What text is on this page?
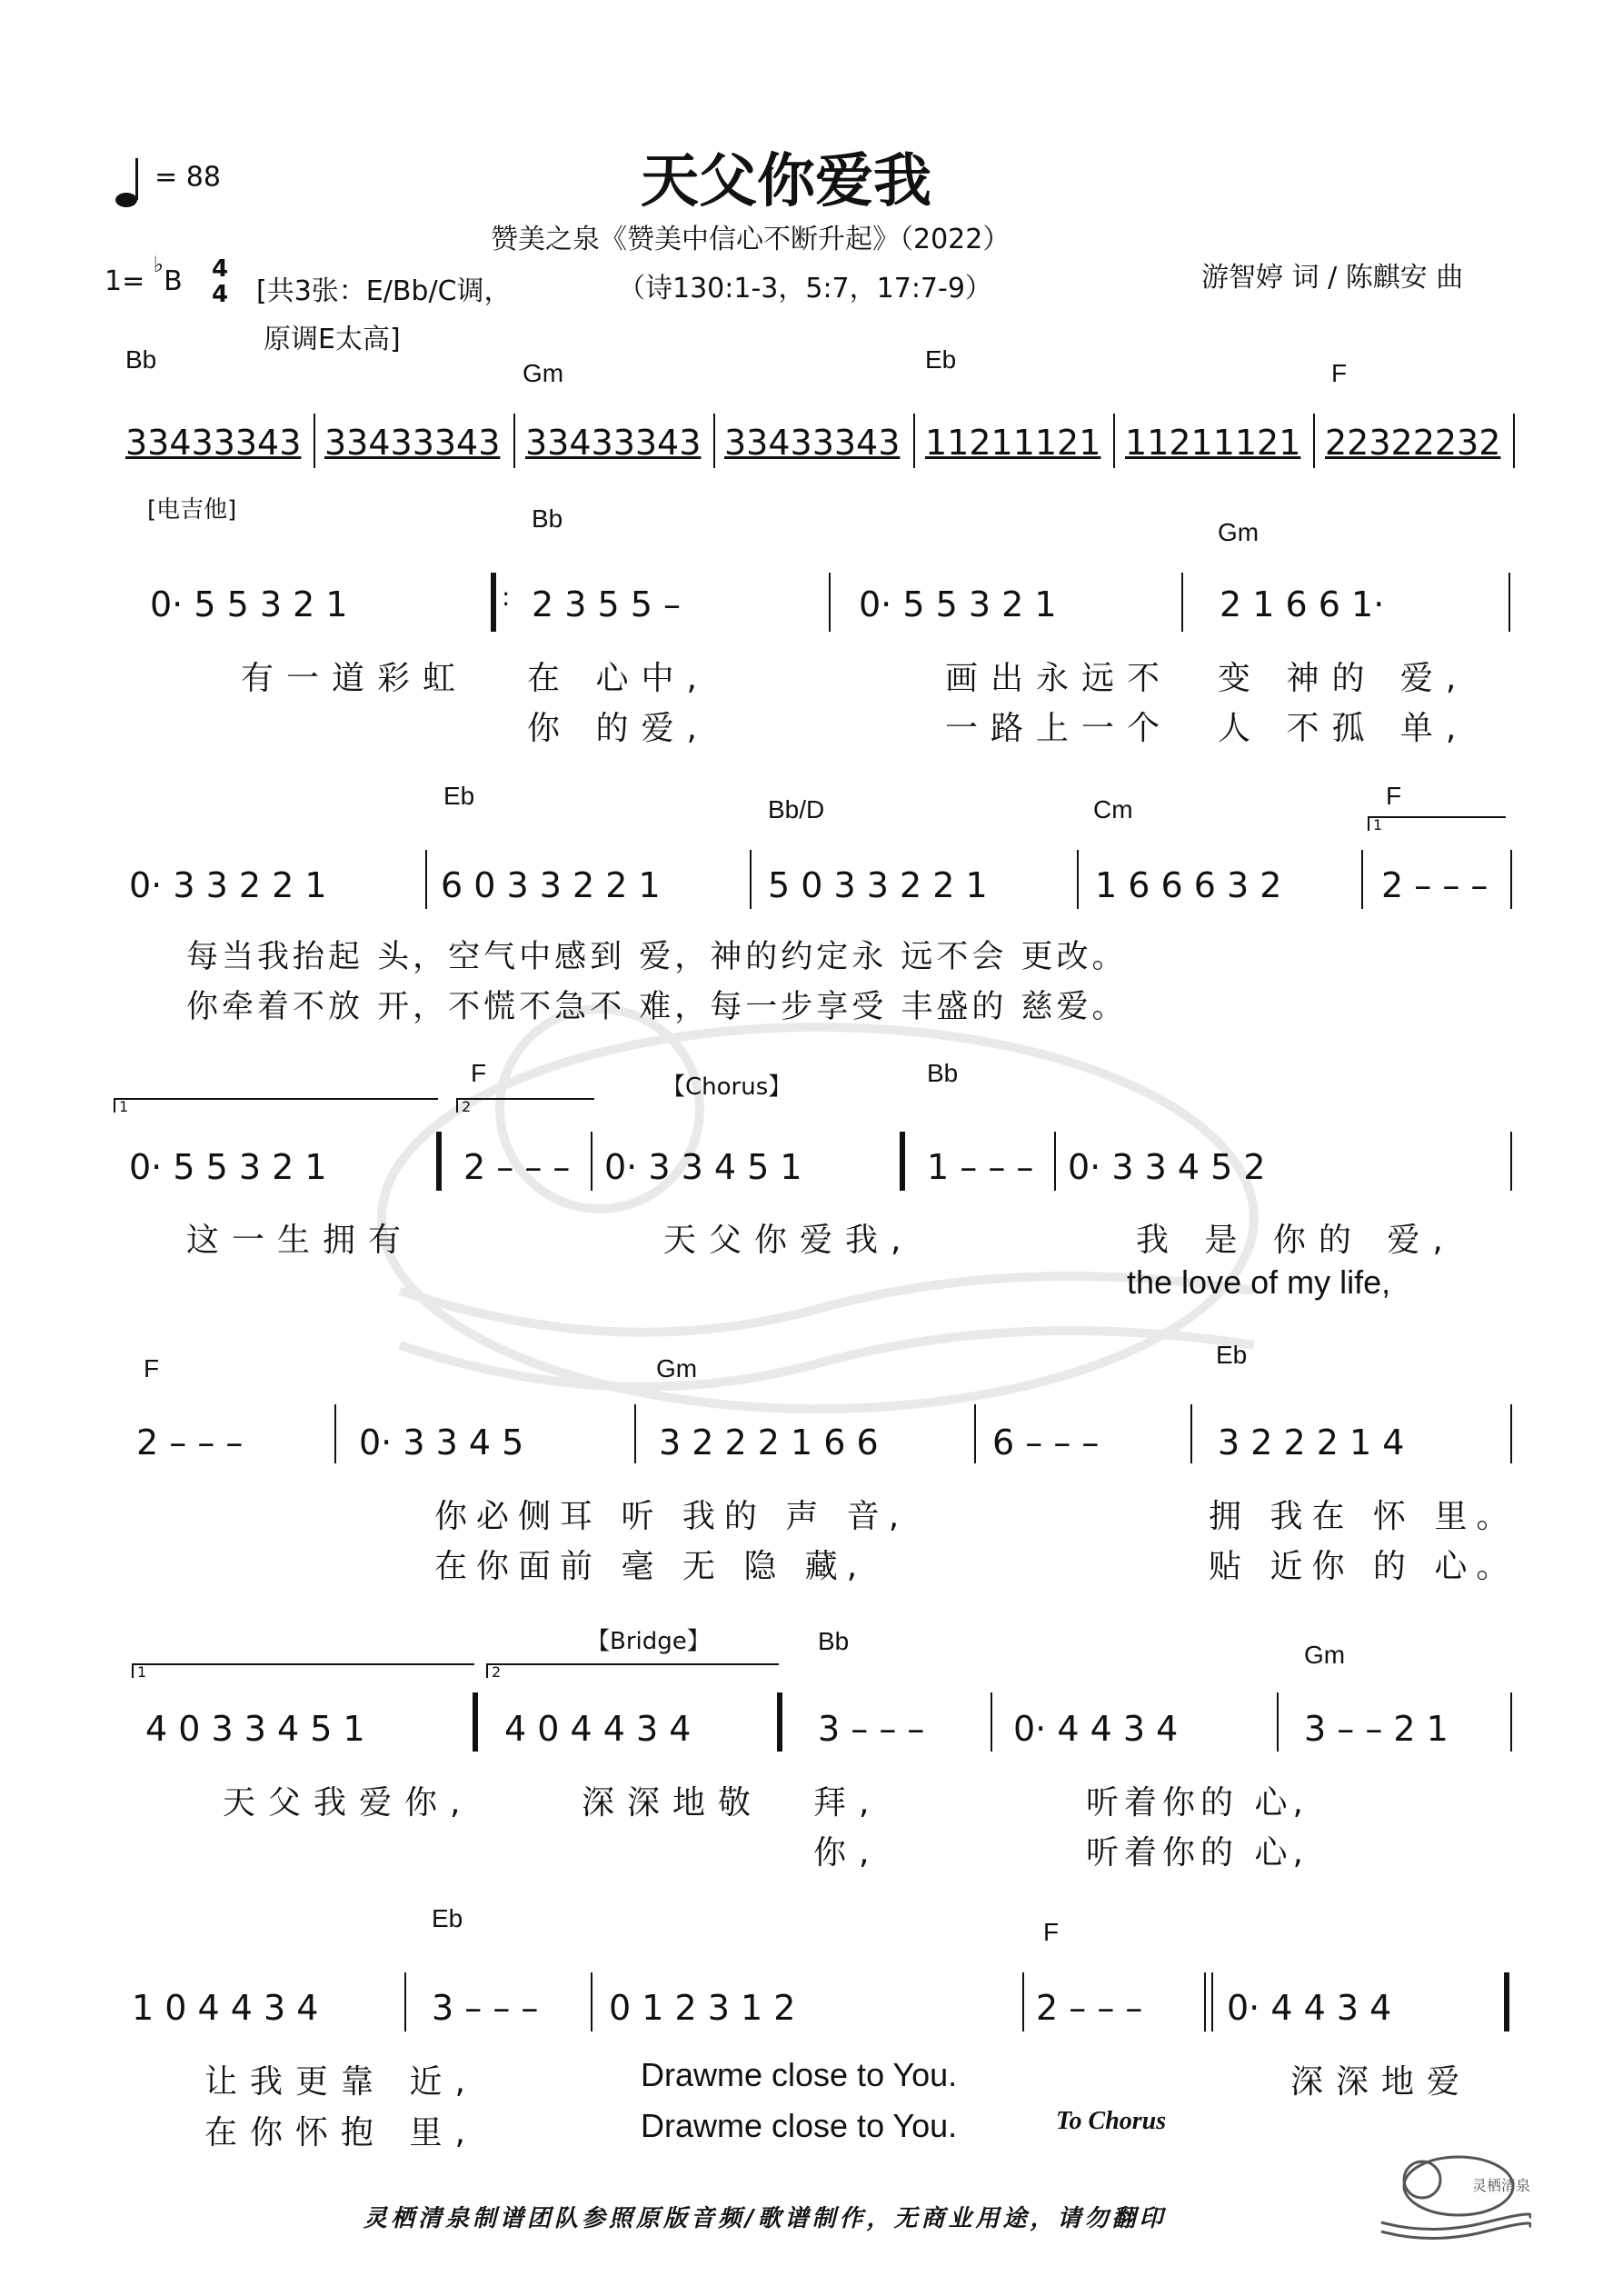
= 88	天父你爱我
赞美之泉《赞美中信心不断升起》（2022）
1= ♭B 4
4 [共3张：E/Bb/C调，
原调E太高]
（诗130:1-3，5:7，17:7-9）	游智婷 词 / 陈麒安 曲
Bb	Gm	Eb	F
33433343 33433343 33433343 33433343 11211121 11211121 22322232
[电吉他]	Bb	Gm
0· 5 5 3 2 1	: 2 3 5 5 –	0· 5 5 3 2 1	2 1 6 6 1·
有一道彩虹 在 心中,	画出永远不 变 神的 爱,
你 的爱,	一路上一个 人 不孤 单,
Eb	Bb/D	Cm	F
1
0· 3 3 2 2 1	6 0 3 3 2 2 1	5 0 3 3 2 2 1	1 6 6 6 3 2	2 – – –
每当我抬起 头，空气中感到 爱，神的约定永 远不会 更改。
你牵着不放 开，不慌不急不 难，每一步享受 丰盛的 慈爱。
1
F
2
【Chorus】	Bb
0· 5 5 3 2 1	2 – – – 0· 3 3 4 5 1	1 – – – 0· 3 3 4 5 2
这一生拥有	天父你爱我,	我 是 你的 爱,
the love of my life,
F	Gm	Eb
2 – – –	0· 3 3 4 5	3 2 2 2 1 6 6	6 – – –	3 2 2 2 1 4
你必侧耳 听 我的 声 音,	拥 我在 怀 里。
在你面前 毫 无 隐 藏,	贴 近你 的 心。
1	2
【Bridge】	Bb	Gm
4 0 3 3 4 5 1	4 0 4 4 3 4	3 – – –	0· 4 4 3 4	3 – – 2 1
天父我爱你,	深深地敬 拜,	听着你的 心,
你,	听着你的 心,
Eb	F
1 0 4 4 3 4	3 – – – 0 1 2 3 1 2	2 – – – 0· 4 4 3 4
让我更靠 近,	Drawme close to You.	深深地爱
在你怀抱 里,	Drawme close to You.	To Chorus
灵栖清泉制谱团队参照原版音频/歌谱制作，无商业用途，请勿翻印
灵栖清泉
